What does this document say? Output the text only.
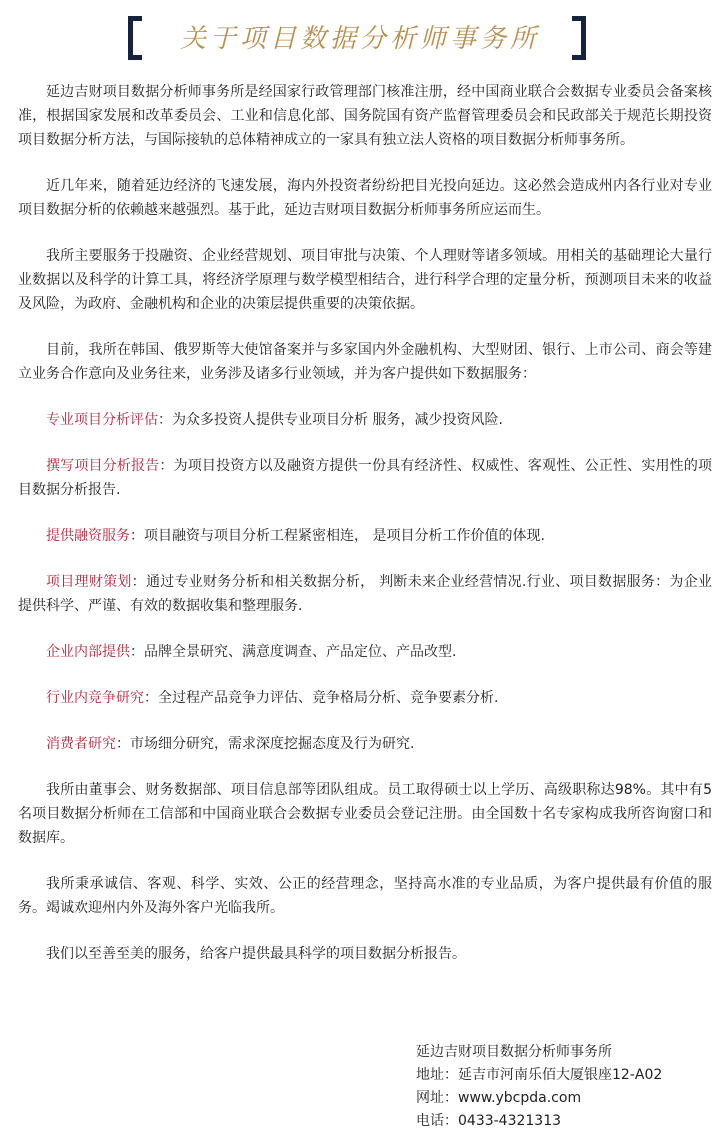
关于项目数据分析师事务所

延边吉财项目数据分析师事务所是经国家行政管理部门核准注册，经中国商业联合会数据专业委员会备案核准，根据国家发展和改革委员会、工业和信息化部、国务院国有资产监督管理委员会和民政部关于规范长期投资项目数据分析方法，与国际接轨的总体精神成立的一家具有独立法人资格的项目数据分析师事务所。

近几年来，随着延边经济的飞速发展，海内外投资者纷纷把目光投向延边。这必然会造成州内各行业对专业项目数据分析的依赖越来越强烈。基于此，延边吉财项目数据分析师事务所应运而生。

我所主要服务于投融资、企业经营规划、项目审批与决策、个人理财等诸多领域。用相关的基础理论大量行业数据以及科学的计算工具，将经济学原理与数学模型相结合，进行科学合理的定量分析，预测项目未来的收益及风险，为政府、金融机构和企业的决策层提供重要的决策依据。

目前，我所在韩国、俄罗斯等大使馆备案并与多家国内外金融机构、大型财团、银行、上市公司、商会等建立业务合作意向及业务往来，业务涉及诸多行业领域，并为客户提供如下数据服务：

专业项目分析评估：为众多投资人提供专业项目分析 服务，减少投资风险.

撰写项目分析报告：为项目投资方以及融资方提供一份具有经济性、权威性、客观性、公正性、实用性的项目数据分析报告.

提供融资服务：项目融资与项目分析工程紧密相连， 是项目分析工作价值的体现.

项目理财策划：通过专业财务分析和相关数据分析， 判断未来企业经营情况.行业、项目数据服务：为企业提供科学、严谨、有效的数据收集和整理服务.

企业内部提供：品牌全景研究、满意度调查、产品定位、产品改型.

行业内竞争研究：全过程产品竞争力评估、竞争格局分析、竞争要素分析.

消费者研究：市场细分研究，需求深度挖掘态度及行为研究.

我所由董事会、财务数据部、项目信息部等团队组成。员工取得硕士以上学历、高级职称达98%。其中有5名项目数据分析师在工信部和中国商业联合会数据专业委员会登记注册。由全国数十名专家构成我所咨询窗口和数据库。

我所秉承诚信、客观、科学、实效、公正的经营理念，坚持高水准的专业品质，为客户提供最有价值的服务。竭诚欢迎州内外及海外客户光临我所。

我们以至善至美的服务，给客户提供最具科学的项目数据分析报告。

延边吉财项目数据分析师事务所
地址：延吉市河南乐佰大厦银座12-A02
网址：www.ybcpda.com
电话：0433-4321313
